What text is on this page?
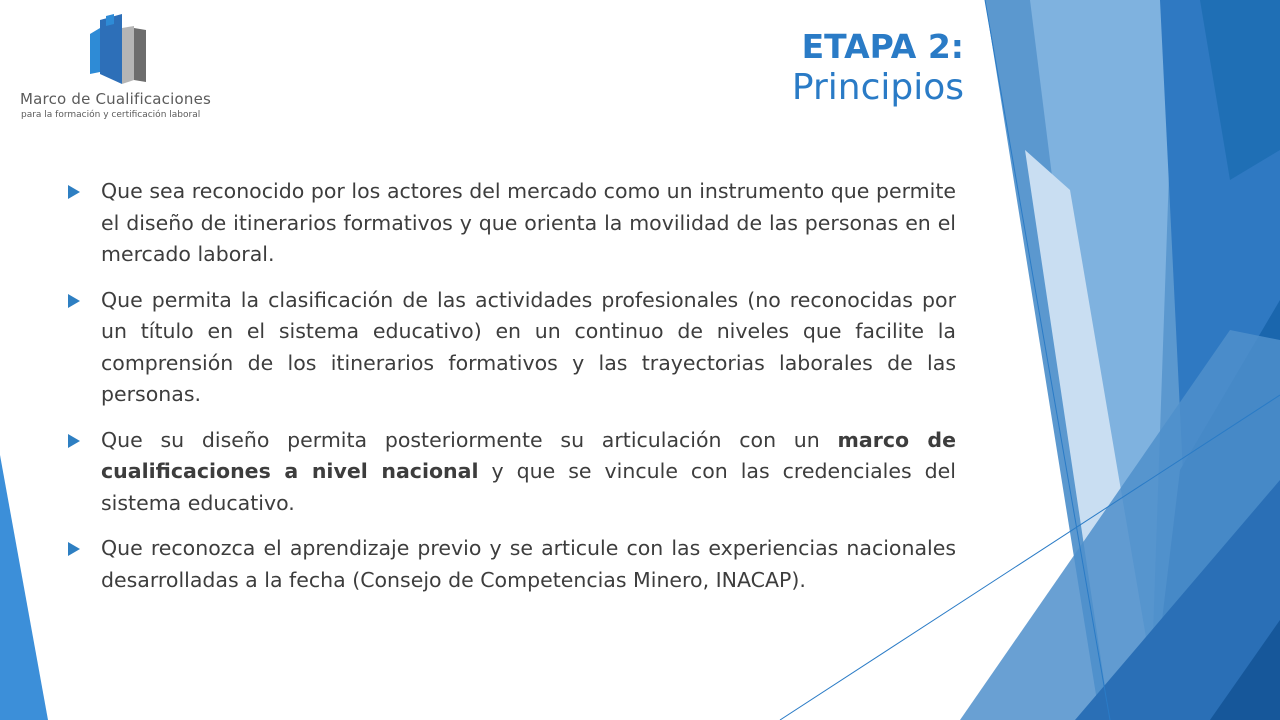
Marco de Cualificaciones
para la formación y certificación laboral
ETAPA 2:
Principios

Que sea reconocido por los actores del mercado como un instrumento que permite el diseño de itinerarios formativos y que orienta la movilidad de las personas en el mercado laboral.

Que permita la clasificación de las actividades profesionales (no reconocidas por un título en el sistema educativo) en un continuo de niveles que facilite la comprensión de los itinerarios formativos y las trayectorias laborales de las personas.

Que su diseño permita posteriormente su articulación con un marco de cualificaciones a nivel nacional y que se vincule con las credenciales del sistema educativo.

Que reconozca el aprendizaje previo y se articule con las experiencias nacionales desarrolladas a la fecha (Consejo de Competencias Minero, INACAP).
